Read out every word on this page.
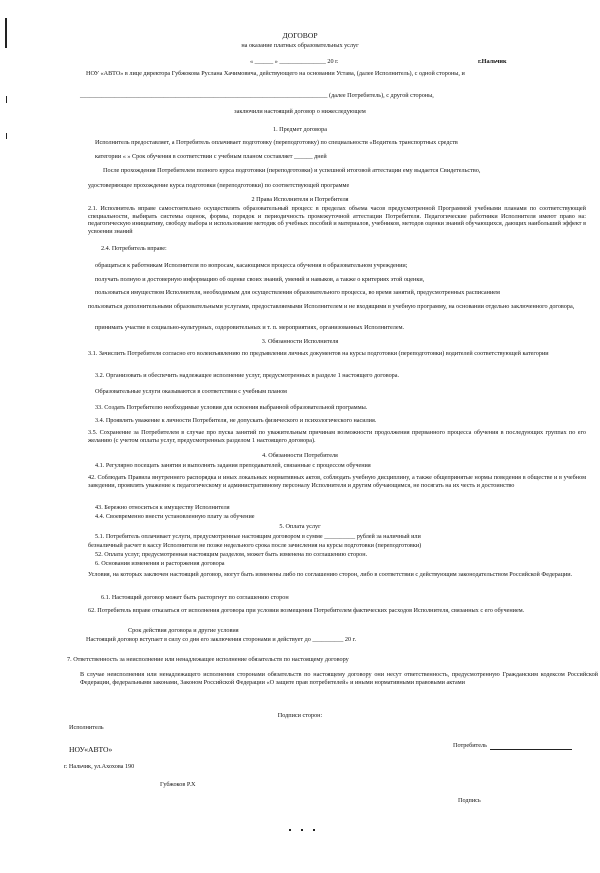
ДОГОВОР
на оказание платных образовательных услуг
« ______ » _______________ 20 г.	г.Нальчик
НОУ «АВТО» в лице директора Губжокова Руслана Хачимовича, действующего на основании Устава, (далее Исполнитель), с одной стороны, и
________________________________________________________________________________ (далее Потребитель), с другой стороны,
заключили настоящий договор о нижеследующем
1. Предмет договора
Исполнитель предоставляет, а Потребитель оплачивает подготовку (переподготовку) по специальности «Водитель транспортных средств
категории « » Срок обучения в соответствии с учебным планом составляет ______ дней
После прохождения Потребителем полного курса подготовки (переподготовки) и успешной итоговой аттестации ему выдается Свидетельство,
удостоверяющее прохождение курса подготовки (переподготовки) по соответствующей программе
2 Права Исполнителя и Потребителя
2.1. Исполнитель вправе самостоятельно осуществлять образовательный процесс в пределах объема часов предусмотренной Программой учебными планами по соответствующей специальности, выбирать системы оценок, формы, порядок и периодичность промежуточной аттестации Потребителя. Педагогические работники Исполнителя имеют право на: педагогическую инициативу, свободу выбора и использование методик об учебных пособий и материалов, учебников, методов оценки знаний обучающихся, дающих наибольший эффект в усвоении знаний
2.4. Потребитель вправе:
обращаться к работникам Исполнителя по вопросам, касающимся процесса обучения в образовательном учреждении;
получать полную и достоверную информацию об оценке своих знаний, умений и навыков, а также о критериях этой оценки,
пользоваться имуществом Исполнителя, необходимым для осуществления образовательного процесса, во время занятий, предусмотренных расписанием
пользоваться дополнительными образовательными услугами, предоставляемыми Исполнителем и не входящими в учебную программу, на основании отдельно заключенного договора,
принимать участие в социально-культурных, оздоровительных и т. п. мероприятиях, организованных Исполнителем.
3. Обязанности Исполнителя
3.1. Зачислить Потребителя согласно его волеизъявлению по предъявлении личных документов на курсы подготовки (переподготовки) водителей соответствующей категории
3.2. Организовать и обеспечить надлежащее исполнение услуг, предусмотренных в разделе 1 настоящего договора.
Образовательные услуги оказываются в соответствии с учебным планом
33. Создать Потребителю необходимые условия для освоения выбранной образовательной программы.
3.4. Проявлять уважение к личности Потребителя, не допускать физического и психологического насилия.
3.5. Сохранение за Потребителем в случае про пуска занятий по уважительным причинам возможности продолжения прерванного процесса обучения в последующих группах по его желанию (с учетом оплаты услуг, предусмотренных разделом 1 настоящего договора).
4. Обязанности Потребителя
4.1. Регулярно посещать занятия и выполнять задания преподавателей, связанные с процессом обучения
42. Соблюдать Правила внутреннего распорядка и иных локальных нормативных актов, соблюдать учебную дисциплину, а также общепринятые нормы поведения в обществе и в учебном заведении, проявлять уважение к педагогическому и административному персоналу Исполнителя и другим обучающимся, не посягать на их честь и достоинство
43. Бережно относиться к имуществу Исполнителя
4.4. Своевременно внести установленную плату за обучение
5. Оплата услуг
5.1. Потребитель оплачивает услуги, предусмотренные настоящим договором в сумме __________ рублей за наличный или
безналичный расчет в кассу Исполнителя не позже недельного срока после зачисления на курсы подготовки (переподготовки)
52. Оплата услуг, предусмотренная настоящим разделом, может быть изменена по соглашению сторон.
6. Основания изменения и расторжения договора
Условия, на которых заключен настоящий договор, могут быть изменены либо по соглашению сторон, либо в соответствии с действующим законодательством Российской Федерации.
6.1. Настоящий договор может быть расторгнут по соглашению сторон
62. Потребитель вправе отказаться от исполнения договора при условии возмещения Потребителем фактических расходов Исполнителя, связанных с его обучением.
Срок действия договора и другие условия
Настоящий договор вступает в силу со дня его заключения сторонами и действует до __________ 20 г.
7. Ответственность за неисполнение или ненадлежащее исполнение обязательств по настоящему договору
В случае неисполнения или ненадлежащего исполнения сторонами обязательств по настоящему договору они несут ответственность, предусмотренную Гражданским кодексом Российской Федерации, федеральными законами, Законом Российской Федерации «О защите прав потребителей» и иными нормативными правовыми актами
Подписи сторон:
Исполнитель
НОУ«АВТО»
г. Нальчик, ул.Ахохова 190
Губжоков Р.Х
Потребитель
Подпись
